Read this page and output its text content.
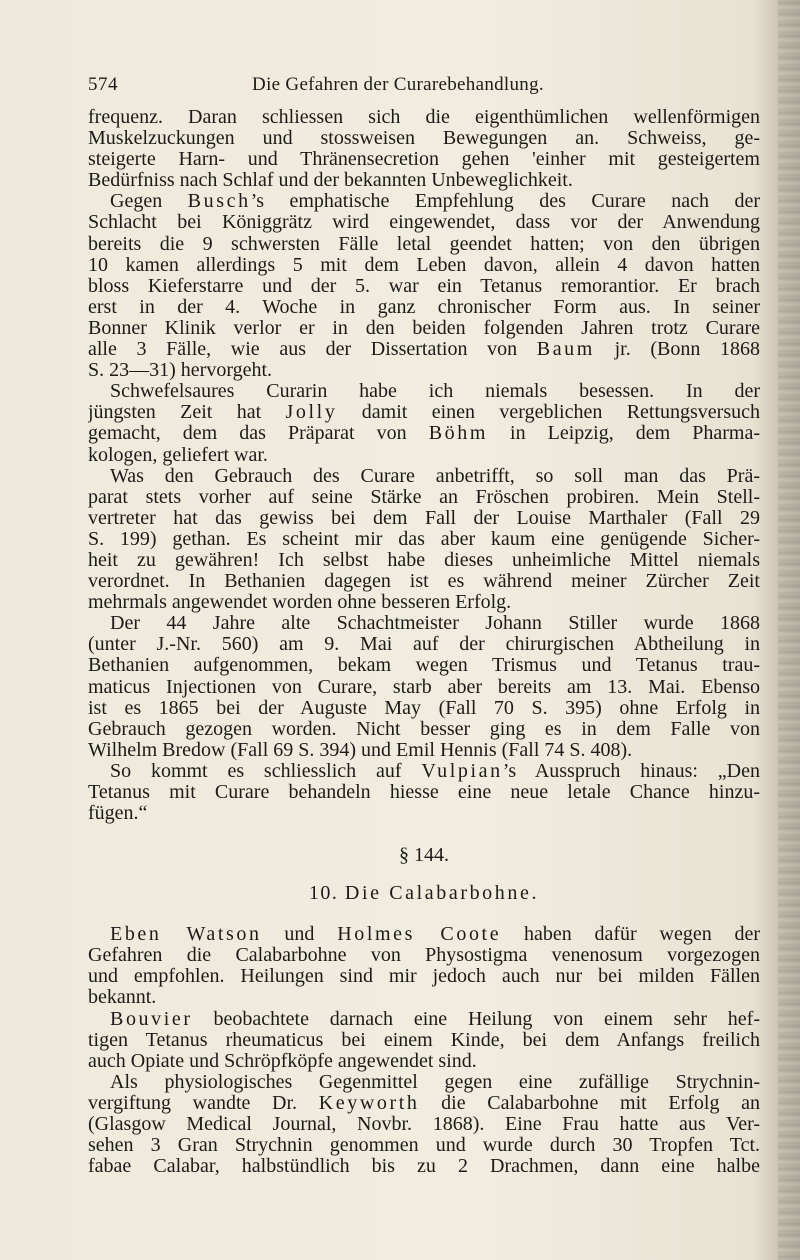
574	Die Gefahren der Curarebehandlung.
frequenz. Daran schliessen sich die eigenthümlichen wellenförmigen
Muskelzuckungen und stossweisen Bewegungen an. Schweiss, ge-
steigerte Harn- und Thränensecretion gehen 'einher mit gesteigertem
Bedürfniss nach Schlaf und der bekannten Unbeweglichkeit.
Gegen Busch’s emphatische Empfehlung des Curare nach der
Schlacht bei Königgrätz wird eingewendet, dass vor der Anwendung
bereits die 9 schwersten Fälle letal geendet hatten; von den übrigen
10 kamen allerdings 5 mit dem Leben davon, allein 4 davon hatten
bloss Kieferstarre und der 5. war ein Tetanus remorantior. Er brach
erst in der 4. Woche in ganz chronischer Form aus. In seiner
Bonner Klinik verlor er in den beiden folgenden Jahren trotz Curare
alle 3 Fälle, wie aus der Dissertation von Baum jr. (Bonn 1868
S. 23—31) hervorgeht.
Schwefelsaures Curarin habe ich niemals besessen. In der
jüngsten Zeit hat Jolly damit einen vergeblichen Rettungsversuch
gemacht, dem das Präparat von Böhm in Leipzig, dem Pharma-
kologen, geliefert war.
Was den Gebrauch des Curare anbetrifft, so soll man das Prä-
parat stets vorher auf seine Stärke an Fröschen probiren. Mein Stell-
vertreter hat das gewiss bei dem Fall der Louise Marthaler (Fall 29
S. 199) gethan. Es scheint mir das aber kaum eine genügende Sicher-
heit zu gewähren! Ich selbst habe dieses unheimliche Mittel niemals
verordnet. In Bethanien dagegen ist es während meiner Zürcher Zeit
mehrmals angewendet worden ohne besseren Erfolg.
Der 44 Jahre alte Schachtmeister Johann Stiller wurde 1868
(unter J.-Nr. 560) am 9. Mai auf der chirurgischen Abtheilung in
Bethanien aufgenommen, bekam wegen Trismus und Tetanus trau-
maticus Injectionen von Curare, starb aber bereits am 13. Mai. Ebenso
ist es 1865 bei der Auguste May (Fall 70 S. 395) ohne Erfolg in
Gebrauch gezogen worden. Nicht besser ging es in dem Falle von
Wilhelm Bredow (Fall 69 S. 394) und Emil Hennis (Fall 74 S. 408).
So kommt es schliesslich auf Vulpian’s Ausspruch hinaus: „Den
Tetanus mit Curare behandeln hiesse eine neue letale Chance hinzu-
fügen.“
§ 144.
10. Die Calabarbohne.
Eben Watson und Holmes Coote haben dafür wegen der
Gefahren die Calabarbohne von Physostigma venenosum vorgezogen
und empfohlen. Heilungen sind mir jedoch auch nur bei milden Fällen
bekannt.
Bouvier beobachtete darnach eine Heilung von einem sehr hef-
tigen Tetanus rheumaticus bei einem Kinde, bei dem Anfangs freilich
auch Opiate und Schröpfköpfe angewendet sind.
Als physiologisches Gegenmittel gegen eine zufällige Strychnin-
vergiftung wandte Dr. Keyworth die Calabarbohne mit Erfolg an
(Glasgow Medical Journal, Novbr. 1868). Eine Frau hatte aus Ver-
sehen 3 Gran Strychnin genommen und wurde durch 30 Tropfen Tct.
fabae Calabar, halbstündlich bis zu 2 Drachmen, dann eine halbe
